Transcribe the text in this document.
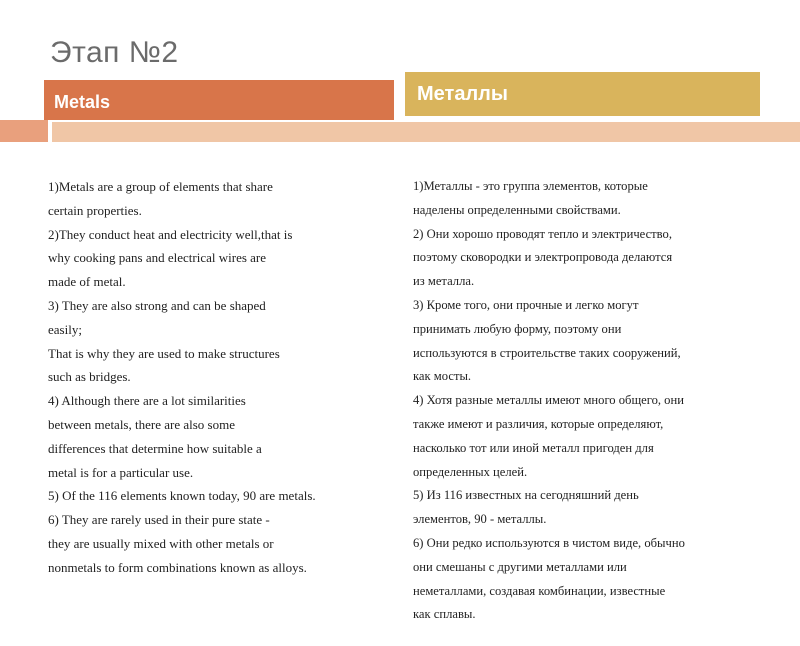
Этап №2
Metals	Металлы
1)Metals are a group of elements that share
certain properties.
2)They conduct heat and electricity well,that is
why cooking pans and electrical wires are
made of metal.
3) They are also strong and can be shaped
easily;
That is why they are used to make structures
such as bridges.
4) Although there are a lot similarities
between metals, there are also some
differences that determine how suitable a
metal is for a particular use.
5) Of the 116 elements known today, 90 are metals.
6) They are rarely used in their pure state -
they are usually mixed with other metals or
nonmetals to form combinations known as alloys.
1)Металлы - это группа элементов, которые
наделены определенными свойствами.
2) Они хорошо проводят тепло и электричество,
поэтому сковородки и электропровода делаются
из металла.
3) Кроме того, они прочные и легко могут
принимать любую форму, поэтому они
используются в строительстве таких сооружений,
как мосты.
4) Хотя разные металлы имеют много общего, они
также имеют и различия, которые определяют,
насколько тот или иной металл пригоден для
определенных целей.
5) Из 116 известных на сегодняшний день
элементов, 90 - металлы.
6) Они редко используются в чистом виде, обычно
они смешаны с другими металлами или
неметаллами, создавая комбинации, известные
как сплавы.
